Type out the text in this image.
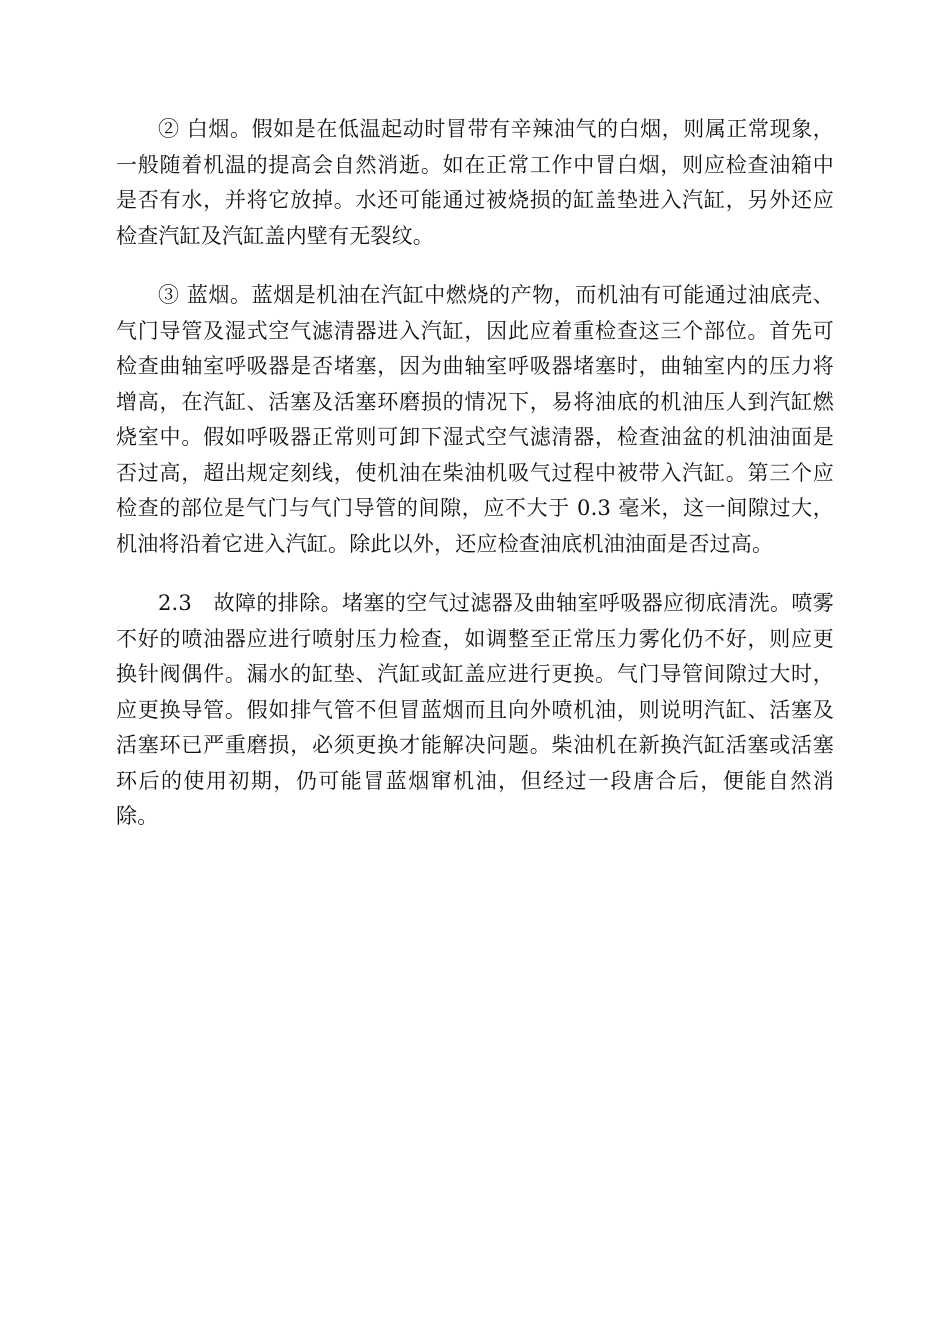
② 白烟。假如是在低温起动时冒带有辛辣油气的白烟，则属正常现象，一般随着机温的提高会自然消逝。如在正常工作中冒白烟，则应检查油箱中是否有水，并将它放掉。水还可能通过被烧损的缸盖垫进入汽缸，另外还应检查汽缸及汽缸盖内壁有无裂纹。

③ 蓝烟。蓝烟是机油在汽缸中燃烧的产物，而机油有可能通过油底壳、气门导管及湿式空气滤清器进入汽缸，因此应着重检查这三个部位。首先可检查曲轴室呼吸器是否堵塞，因为曲轴室呼吸器堵塞时，曲轴室内的压力将增高，在汽缸、活塞及活塞环磨损的情况下，易将油底的机油压人到汽缸燃烧室中。假如呼吸器正常则可卸下湿式空气滤清器，检查油盆的机油油面是否过高，超出规定刻线，使机油在柴油机吸气过程中被带入汽缸。第三个应检查的部位是气门与气门导管的间隙，应不大于 0.3 毫米，这一间隙过大，机油将沿着它进入汽缸。除此以外，还应检查油底机油油面是否过高。

2.3　故障的排除。堵塞的空气过滤器及曲轴室呼吸器应彻底清洗。喷雾不好的喷油器应进行喷射压力检查，如调整至正常压力雾化仍不好，则应更换针阀偶件。漏水的缸垫、汽缸或缸盖应进行更换。气门导管间隙过大时，应更换导管。假如排气管不但冒蓝烟而且向外喷机油，则说明汽缸、活塞及活塞环已严重磨损，必须更换才能解决问题。柴油机在新换汽缸活塞或活塞环后的使用初期，仍可能冒蓝烟窜机油，但经过一段唐合后，便能自然消除。
